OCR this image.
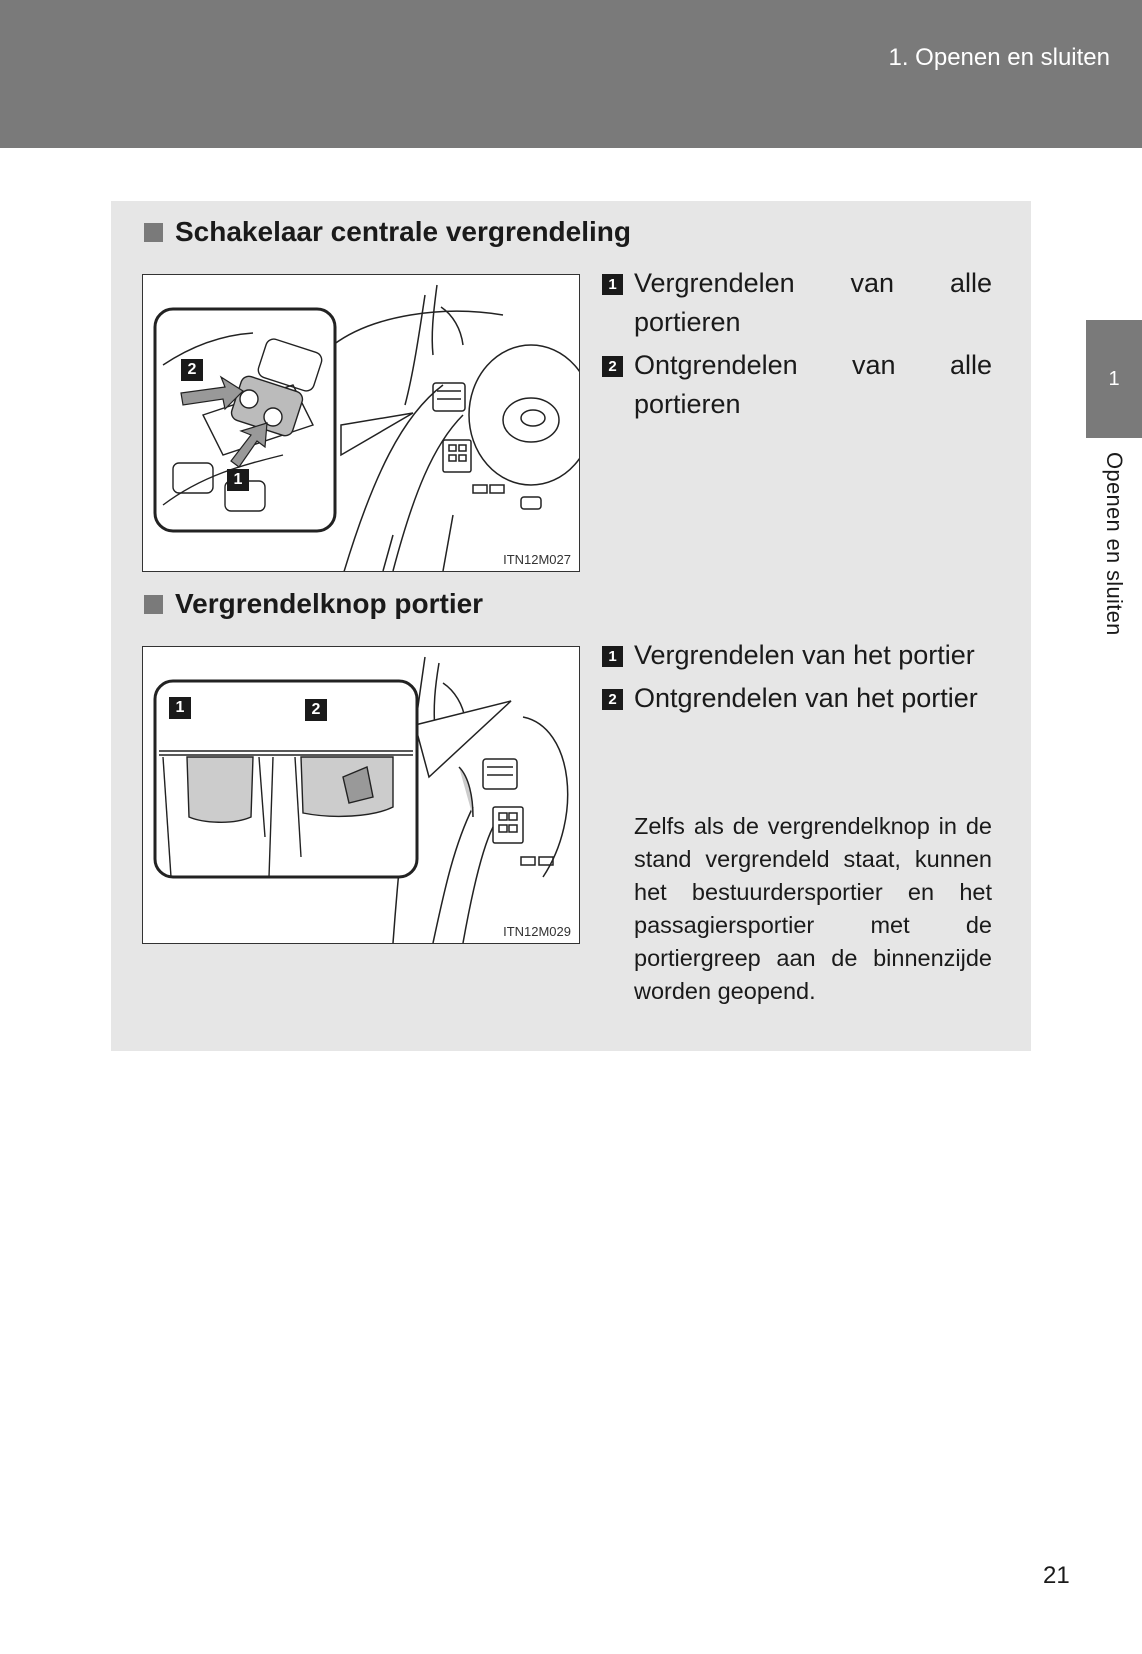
1. Openen en sluiten
1
Openen en sluiten
Schakelaar centrale vergrendeling
2
1
ITN12M027
1 Vergrendelen van alle portieren
2 Ontgrendelen van alle portieren
Vergrendelknop portier
1	2
ITN12M029
1 Vergrendelen van het portier
2 Ontgrendelen van het portier
Zelfs als de vergrendelknop in de stand vergrendeld staat, kunnen het bestuurdersportier en het passagiersportier met de portiergreep aan de binnenzijde worden geopend.
21
